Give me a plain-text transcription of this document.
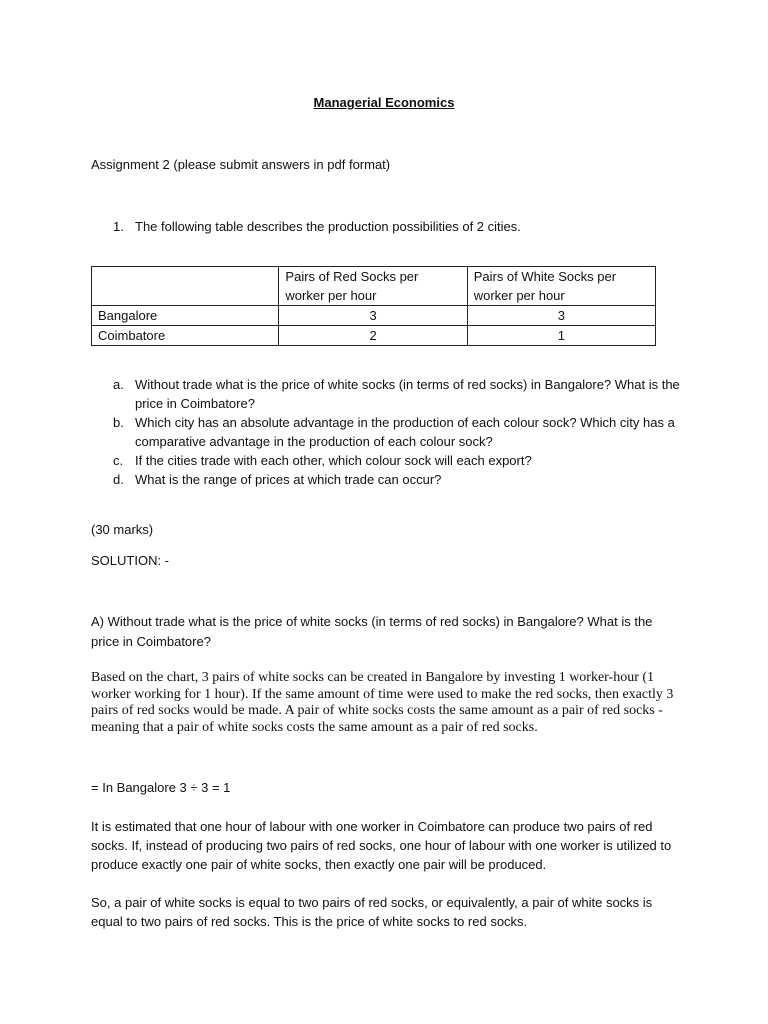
Managerial Economics
Assignment 2 (please submit answers in pdf format)
1. The following table describes the production possibilities of 2 cities.
	Pairs of Red Socks per worker per hour	Pairs of White Socks per worker per hour
Bangalore	3	3
Coimbatore	2	1
a. Without trade what is the price of white socks (in terms of red socks) in Bangalore? What is the price in Coimbatore?
b. Which city has an absolute advantage in the production of each colour sock? Which city has a comparative advantage in the production of each colour sock?
c. If the cities trade with each other, which colour sock will each export?
d. What is the range of prices at which trade can occur?
(30 marks)
SOLUTION: -
A) Without trade what is the price of white socks (in terms of red socks) in Bangalore? What is the price in Coimbatore?
Based on the chart, 3 pairs of white socks can be created in Bangalore by investing 1 worker-hour (1 worker working for 1 hour). If the same amount of time were used to make the red socks, then exactly 3 pairs of red socks would be made. A pair of white socks costs the same amount as a pair of red socks - meaning that a pair of white socks costs the same amount as a pair of red socks.
= In Bangalore 3 ÷ 3 = 1
It is estimated that one hour of labour with one worker in Coimbatore can produce two pairs of red socks. If, instead of producing two pairs of red socks, one hour of labour with one worker is utilized to produce exactly one pair of white socks, then exactly one pair will be produced.
So, a pair of white socks is equal to two pairs of red socks, or equivalently, a pair of white socks is equal to two pairs of red socks. This is the price of white socks to red socks.
